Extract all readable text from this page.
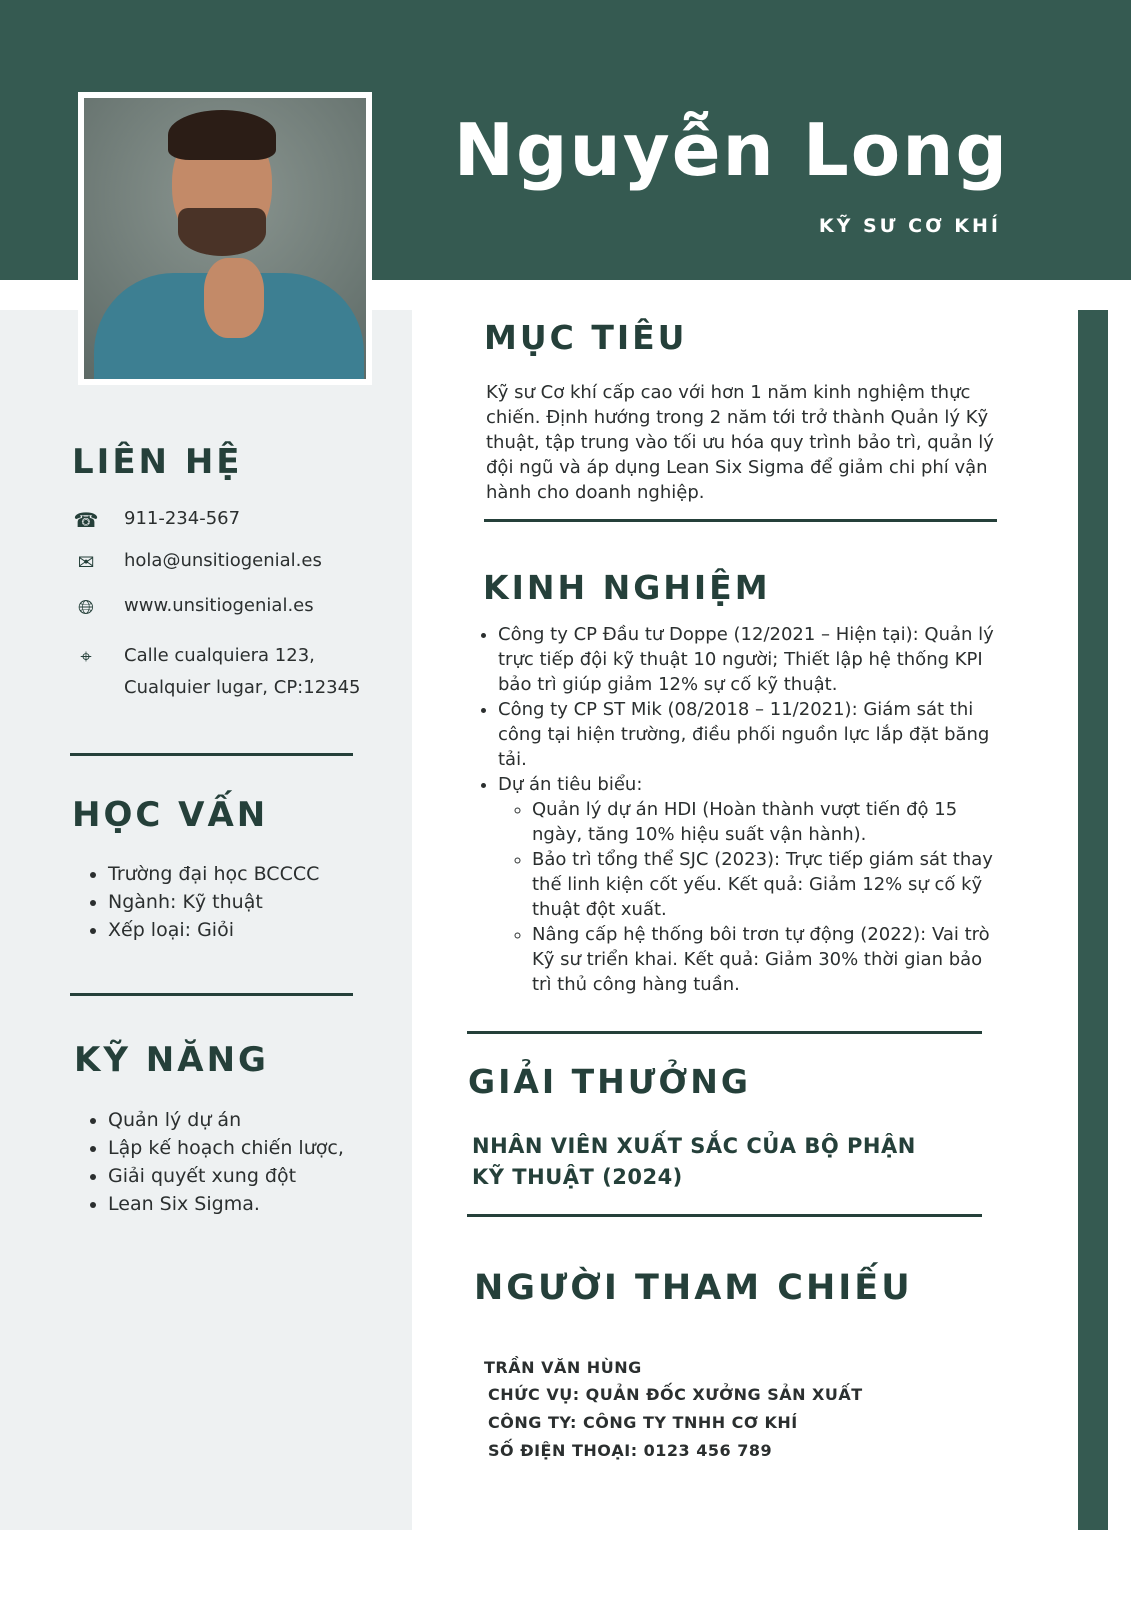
Nguyễn Long
KỸ SƯ CƠ KHÍ
LIÊN HỆ
☎ 911-234-567
✉	hola@unsitiogenial.es
🌐︎	www.unsitiogenial.es
⌖	Calle cualquiera 123,
Cualquier lugar, CP:12345
HỌC VẤN
• Trường đại học BCCCC
• Ngành: Kỹ thuật
• Xếp loại: Giỏi
KỸ NĂNG
• Quản lý dự án
• Lập kế hoạch chiến lược,
• Giải quyết xung đột
• Lean Six Sigma.
MỤC TIÊU
Kỹ sư Cơ khí cấp cao với hơn 1 năm kinh nghiệm thực chiến. Định hướng trong 2 năm tới trở thành Quản lý Kỹ thuật, tập trung vào tối ưu hóa quy trình bảo trì, quản lý đội ngũ và áp dụng Lean Six Sigma để giảm chi phí vận hành cho doanh nghiệp.
KINH NGHIỆM
• Công ty CP Đầu tư Doppe (12/2021 – Hiện tại): Quản lý trực tiếp đội kỹ thuật 10 người; Thiết lập hệ thống KPI bảo trì giúp giảm 12% sự cố kỹ thuật.
• Công ty CP ST Mik (08/2018 – 11/2021): Giám sát thi công tại hiện trường, điều phối nguồn lực lắp đặt băng tải.
• Dự án tiêu biểu:
◦ Quản lý dự án HDI (Hoàn thành vượt tiến độ 15 ngày, tăng 10% hiệu suất vận hành).
◦ Bảo trì tổng thể SJC (2023): Trực tiếp giám sát thay thế linh kiện cốt yếu. Kết quả: Giảm 12% sự cố kỹ thuật đột xuất.
◦ Nâng cấp hệ thống bôi trơn tự động (2022): Vai trò Kỹ sư triển khai. Kết quả: Giảm 30% thời gian bảo trì thủ công hàng tuần.
GIẢI THƯỞNG
NHÂN VIÊN XUẤT SẮC CỦA BỘ PHẬN KỸ THUẬT (2024)
NGƯỜI THAM CHIẾU
TRẦN VĂN HÙNG
CHỨC VỤ: QUẢN ĐỐC XƯỞNG SẢN XUẤT
CÔNG TY: CÔNG TY TNHH CƠ KHÍ
SỐ ĐIỆN THOẠI: 0123 456 789
